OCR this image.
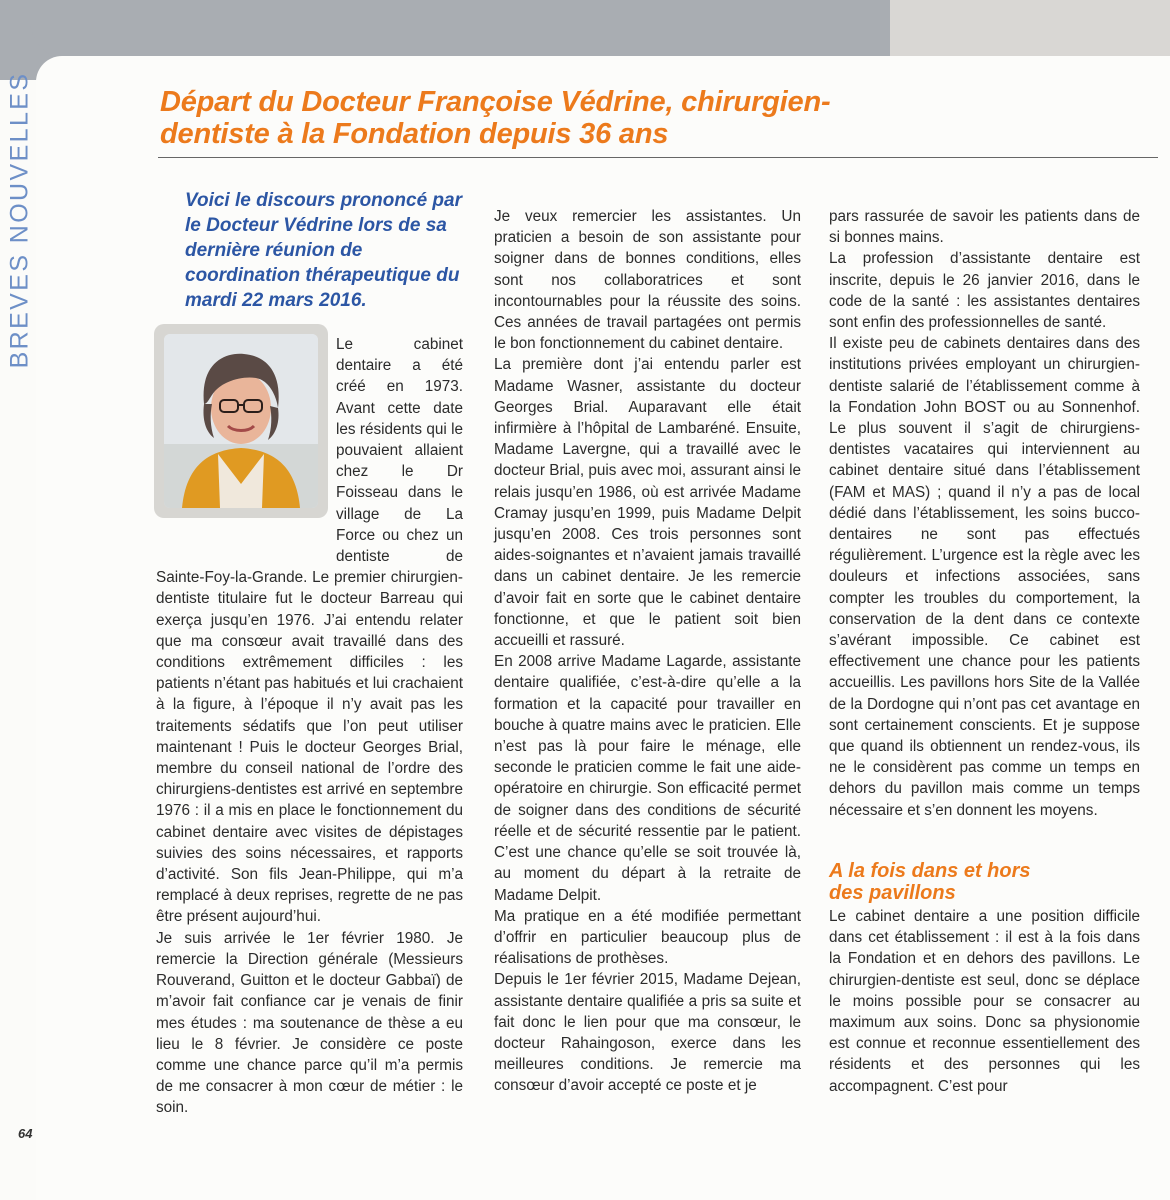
BREVES NOUVELLES	Départ du Docteur Françoise Védrine, chirurgien-dentiste à la Fondation depuis 36 ans
Voici le discours prononcé par le Docteur Védrine lors de sa dernière réunion de coordination thérapeutique du mardi 22 mars 2016.

Le cabinet dentaire a été créé en 1973. Avant cette date les résidents qui le pouvaient allaient chez le Dr Foisseau dans le village de La Force ou chez un dentiste de Sainte-Foy-la-Grande. Le premier chirurgien-dentiste titulaire fut le docteur Barreau qui exerça jusqu’en 1976. J’ai entendu relater que ma consœur avait travaillé dans des conditions extrêmement difficiles : les patients n’étant pas habitués et lui crachaient à la figure, à l’époque il n’y avait pas les traitements sédatifs que l’on peut utiliser maintenant ! Puis le docteur Georges Brial, membre du conseil national de l’ordre des chirurgiens-dentistes est arrivé en septembre 1976 : il a mis en place le fonctionnement du cabinet dentaire avec visites de dépistages suivies des soins nécessaires, et rapports d’activité. Son fils Jean-Philippe, qui m’a remplacé à deux reprises, regrette de ne pas être présent aujourd’hui.

Je suis arrivée le 1er février 1980. Je remercie la Direction générale (Messieurs Rouverand, Guitton et le docteur Gabbaï) de m’avoir fait confiance car je venais de finir mes études : ma soutenance de thèse a eu lieu le 8 février. Je considère ce poste comme une chance parce qu’il m’a permis de me consacrer à mon cœur de métier : le soin.

Je veux remercier les assistantes. Un praticien a besoin de son assistante pour soigner dans de bonnes conditions, elles sont nos collaboratrices et sont incontournables pour la réussite des soins. Ces années de travail partagées ont permis le bon fonctionnement du cabinet dentaire.

La première dont j’ai entendu parler est Madame Wasner, assistante du docteur Georges Brial. Auparavant elle était infirmière à l’hôpital de Lambaréné. Ensuite, Madame Lavergne, qui a travaillé avec le docteur Brial, puis avec moi, assurant ainsi le relais jusqu’en 1986, où est arrivée Madame Cramay jusqu’en 1999, puis Madame Delpit jusqu’en 2008. Ces trois personnes sont aides-soignantes et n’avaient jamais travaillé dans un cabinet dentaire. Je les remercie d’avoir fait en sorte que le cabinet dentaire fonctionne, et que le patient soit bien accueilli et rassuré.

En 2008 arrive Madame Lagarde, assistante dentaire qualifiée, c’est-à-dire qu’elle a la formation et la capacité pour travailler en bouche à quatre mains avec le praticien. Elle n’est pas là pour faire le ménage, elle seconde le praticien comme le fait une aide-opératoire en chirurgie. Son efficacité permet de soigner dans des conditions de sécurité réelle et de sécurité ressentie par le patient. C’est une chance qu’elle se soit trouvée là, au moment du départ à la retraite de Madame Delpit.

Ma pratique en a été modifiée permettant d’offrir en particulier beaucoup plus de réalisations de prothèses.

Depuis le 1er février 2015, Madame Dejean, assistante dentaire qualifiée a pris sa suite et fait donc le lien pour que ma consœur, le docteur Rahaingoson, exerce dans les meilleures conditions. Je remercie ma consœur d’avoir accepté ce poste et je

pars rassurée de savoir les patients dans de si bonnes mains.

La profession d’assistante dentaire est inscrite, depuis le 26 janvier 2016, dans le code de la santé : les assistantes dentaires sont enfin des professionnelles de santé.

Il existe peu de cabinets dentaires dans des institutions privées employant un chirurgien-dentiste salarié de l’établissement comme à la Fondation John BOST ou au Sonnenhof. Le plus souvent il s’agit de chirurgiens-dentistes vacataires qui interviennent au cabinet dentaire situé dans l’établissement (FAM et MAS) ; quand il n’y a pas de local dédié dans l’établissement, les soins bucco-dentaires ne sont pas effectués régulièrement. L’urgence est la règle avec les douleurs et infections associées, sans compter les troubles du comportement, la conservation de la dent dans ce contexte s’avérant impossible. Ce cabinet est effectivement une chance pour les patients accueillis. Les pavillons hors Site de la Vallée de la Dordogne qui n’ont pas cet avantage en sont certainement conscients. Et je suppose que quand ils obtiennent un rendez-vous, ils ne le considèrent pas comme un temps en dehors du pavillon mais comme un temps nécessaire et s’en donnent les moyens.

A la fois dans et hors des pavillons

Le cabinet dentaire a une position difficile dans cet établissement : il est à la fois dans la Fondation et en dehors des pavillons. Le chirurgien-dentiste est seul, donc se déplace le moins possible pour se consacrer au maximum aux soins. Donc sa physionomie est connue et reconnue essentiellement des résidents et des personnes qui les accompagnent. C’est pour

64
